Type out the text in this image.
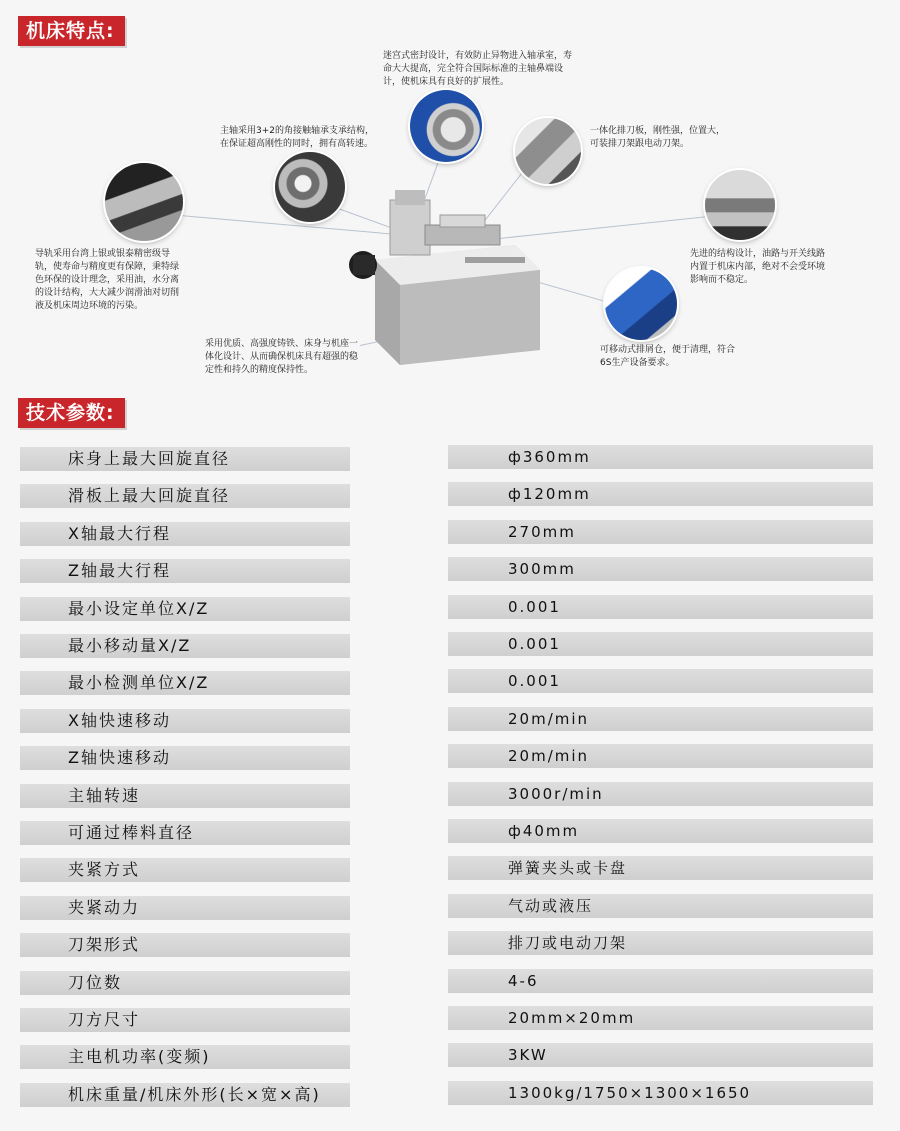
机床特点:
技术参数:
迷宫式密封设计，有效防止异物进入轴承室，寿命大大提高，完全符合国际标准的主轴鼻端设计，使机床具有良好的扩展性。
主轴采用3+2的角接触轴承支承结构，在保证超高刚性的同时，拥有高转速。
一体化排刀板，刚性强，位置大，可装排刀架跟电动刀架。
导轨采用台湾上银或银泰精密级导轨，使寿命与精度更有保障，秉特绿色环保的设计理念，采用油，水分离的设计结构，大大减少润滑油对切削液及机床周边环境的污染。
先进的结构设计，油路与开关线路内置于机床内部，绝对不会受环境影响而不稳定。
采用优质、高强度铸铁、床身与机座一体化设计、从而确保机床具有超强的稳定性和持久的精度保持性。
可移动式排屑仓，便于清理，符合6S生产设备要求。
床身上最大回旋直径	ф360mm
滑板上最大回旋直径	ф120mm
X轴最大行程	270mm
Z轴最大行程	300mm
最小设定单位X/Z	0.001
最小移动量X/Z	0.001
最小检测单位X/Z	0.001
X轴快速移动	20m/min
Z轴快速移动	20m/min
主轴转速	3000r/min
可通过棒料直径	ф40mm
夹紧方式	弹簧夹头或卡盘
夹紧动力	气动或液压
刀架形式	排刀或电动刀架
刀位数	4-6
刀方尺寸	20mm×20mm
主电机功率(变频)	3KW
机床重量/机床外形(长×宽×高)	1300kg/1750×1300×1650
